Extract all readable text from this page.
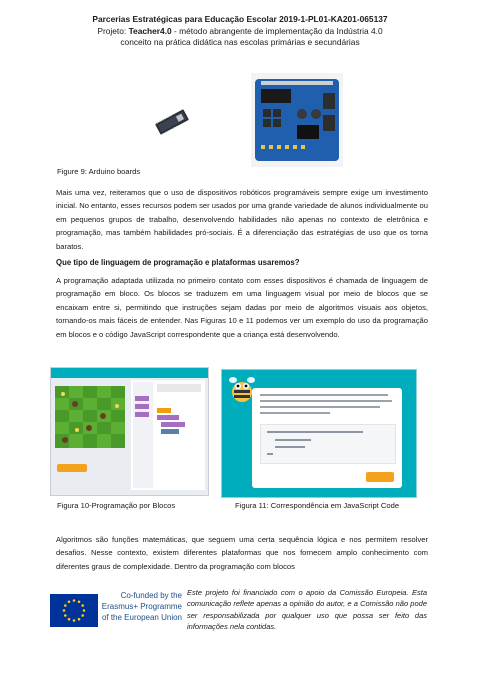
Parcerias Estratégicas para Educação Escolar 2019-1-PL01-KA201-065137
Projeto: Teacher4.0 - método abrangente de implementação da Indústria 4.0
conceito na prática didática nas escolas primárias e secundárias
Figure 9: Arduino boards
Mais uma vez, reiteramos que o uso de dispositivos robóticos programáveis sempre exige um investimento inicial. No entanto, esses recursos podem ser usados por uma grande variedade de alunos individualmente ou em pequenos grupos de trabalho, desenvolvendo habilidades não apenas no contexto de eletrônica e programação, mas também habilidades pró-sociais. É a diferenciação das estratégias de uso que os torna baratos.
Que tipo de linguagem de programação e plataformas usaremos?
A programação adaptada utilizada no primeiro contato com esses dispositivos é chamada de linguagem de programação em bloco. Os blocos se traduzem em uma linguagem visual por meio de blocos que se encaixam entre si, permitindo que instruções sejam dadas por meio de algoritmos visuais aos objetos, tornando-os mais fáceis de entender. Nas Figuras 10 e 11 podemos ver um exemplo do uso da programação em blocos e o código JavaScript correspondente que a criança está desenvolvendo.
Figura 10-Programação por Blocos	Figura 11: Correspondência em JavaScript Code
Algoritmos são funções matemáticas, que seguem uma certa sequência lógica e nos permitem resolver desafios. Nesse contexto, existem diferentes plataformas que nos fornecem amplo conhecimento com diferentes graus de complexidade. Dentro da programação com blocos
Co-funded by the
Erasmus+ Programme
of the European Union
Este projeto foi financiado com o apoio da Comissão Europeia. Esta comunicação reflete apenas a opinião do autor, e a Comissão não pode ser responsabilizada por qualquer uso que possa ser feito das informações nela contidas.
